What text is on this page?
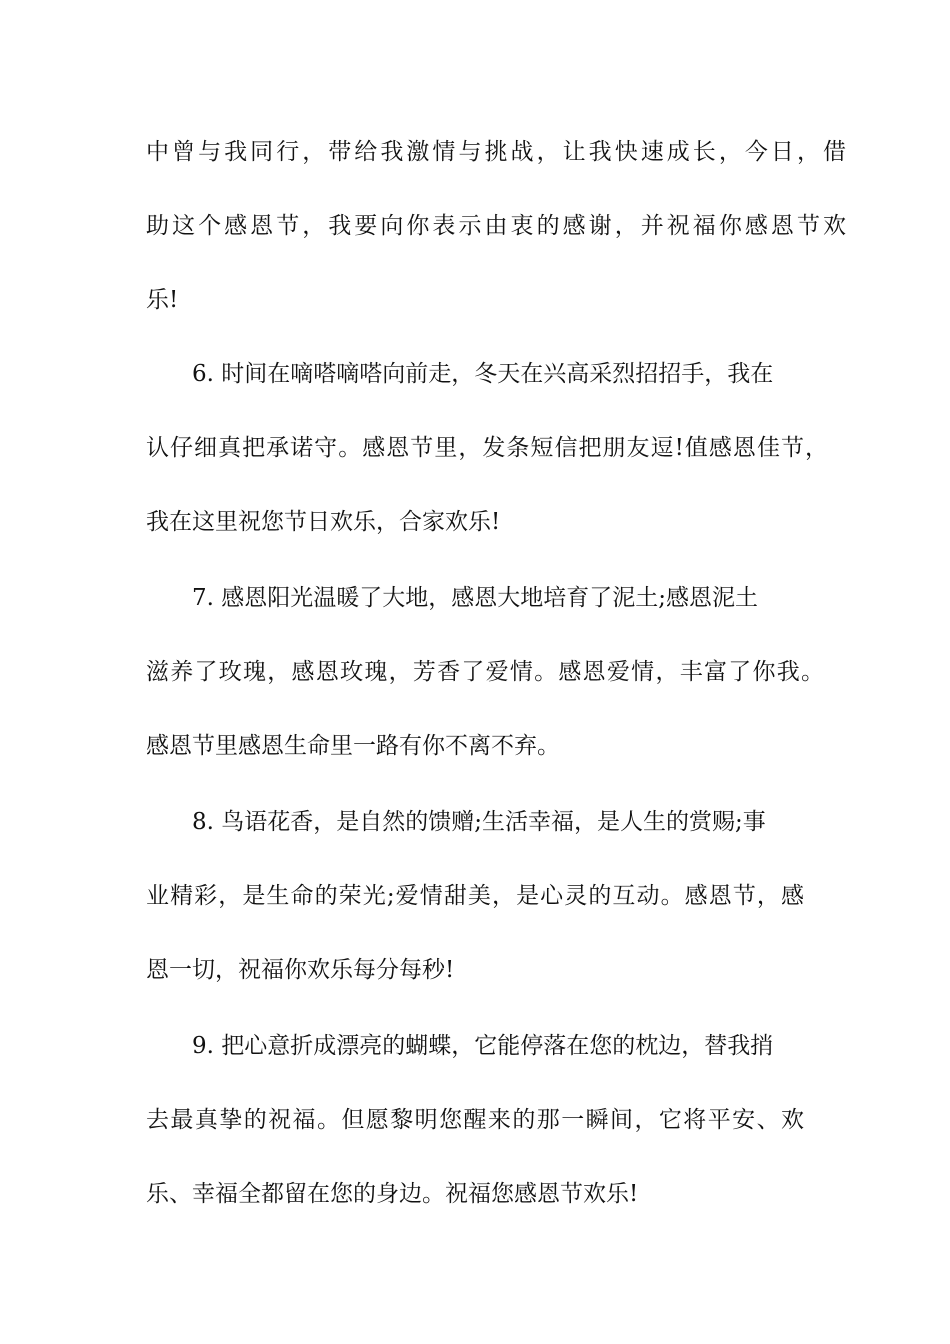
中曾与我同行，带给我激情与挑战，让我快速成长，今日，借
助这个感恩节，我要向你表示由衷的感谢，并祝福你感恩节欢
乐!
6. 时间在嘀嗒嘀嗒向前走，冬天在兴高采烈招招手，我在
认仔细真把承诺守。感恩节里，发条短信把朋友逗!值感恩佳节，
我在这里祝您节日欢乐，合家欢乐!
7. 感恩阳光温暖了大地，感恩大地培育了泥土;感恩泥土
滋养了玫瑰，感恩玫瑰，芳香了爱情。感恩爱情，丰富了你我。
感恩节里感恩生命里一路有你不离不弃。
8. 鸟语花香，是自然的馈赠;生活幸福，是人生的赏赐;事
业精彩，是生命的荣光;爱情甜美，是心灵的互动。感恩节，感
恩一切，祝福你欢乐每分每秒!
9. 把心意折成漂亮的蝴蝶，它能停落在您的枕边，替我捎
去最真挚的祝福。但愿黎明您醒来的那一瞬间，它将平安、欢
乐、幸福全都留在您的身边。祝福您感恩节欢乐!
